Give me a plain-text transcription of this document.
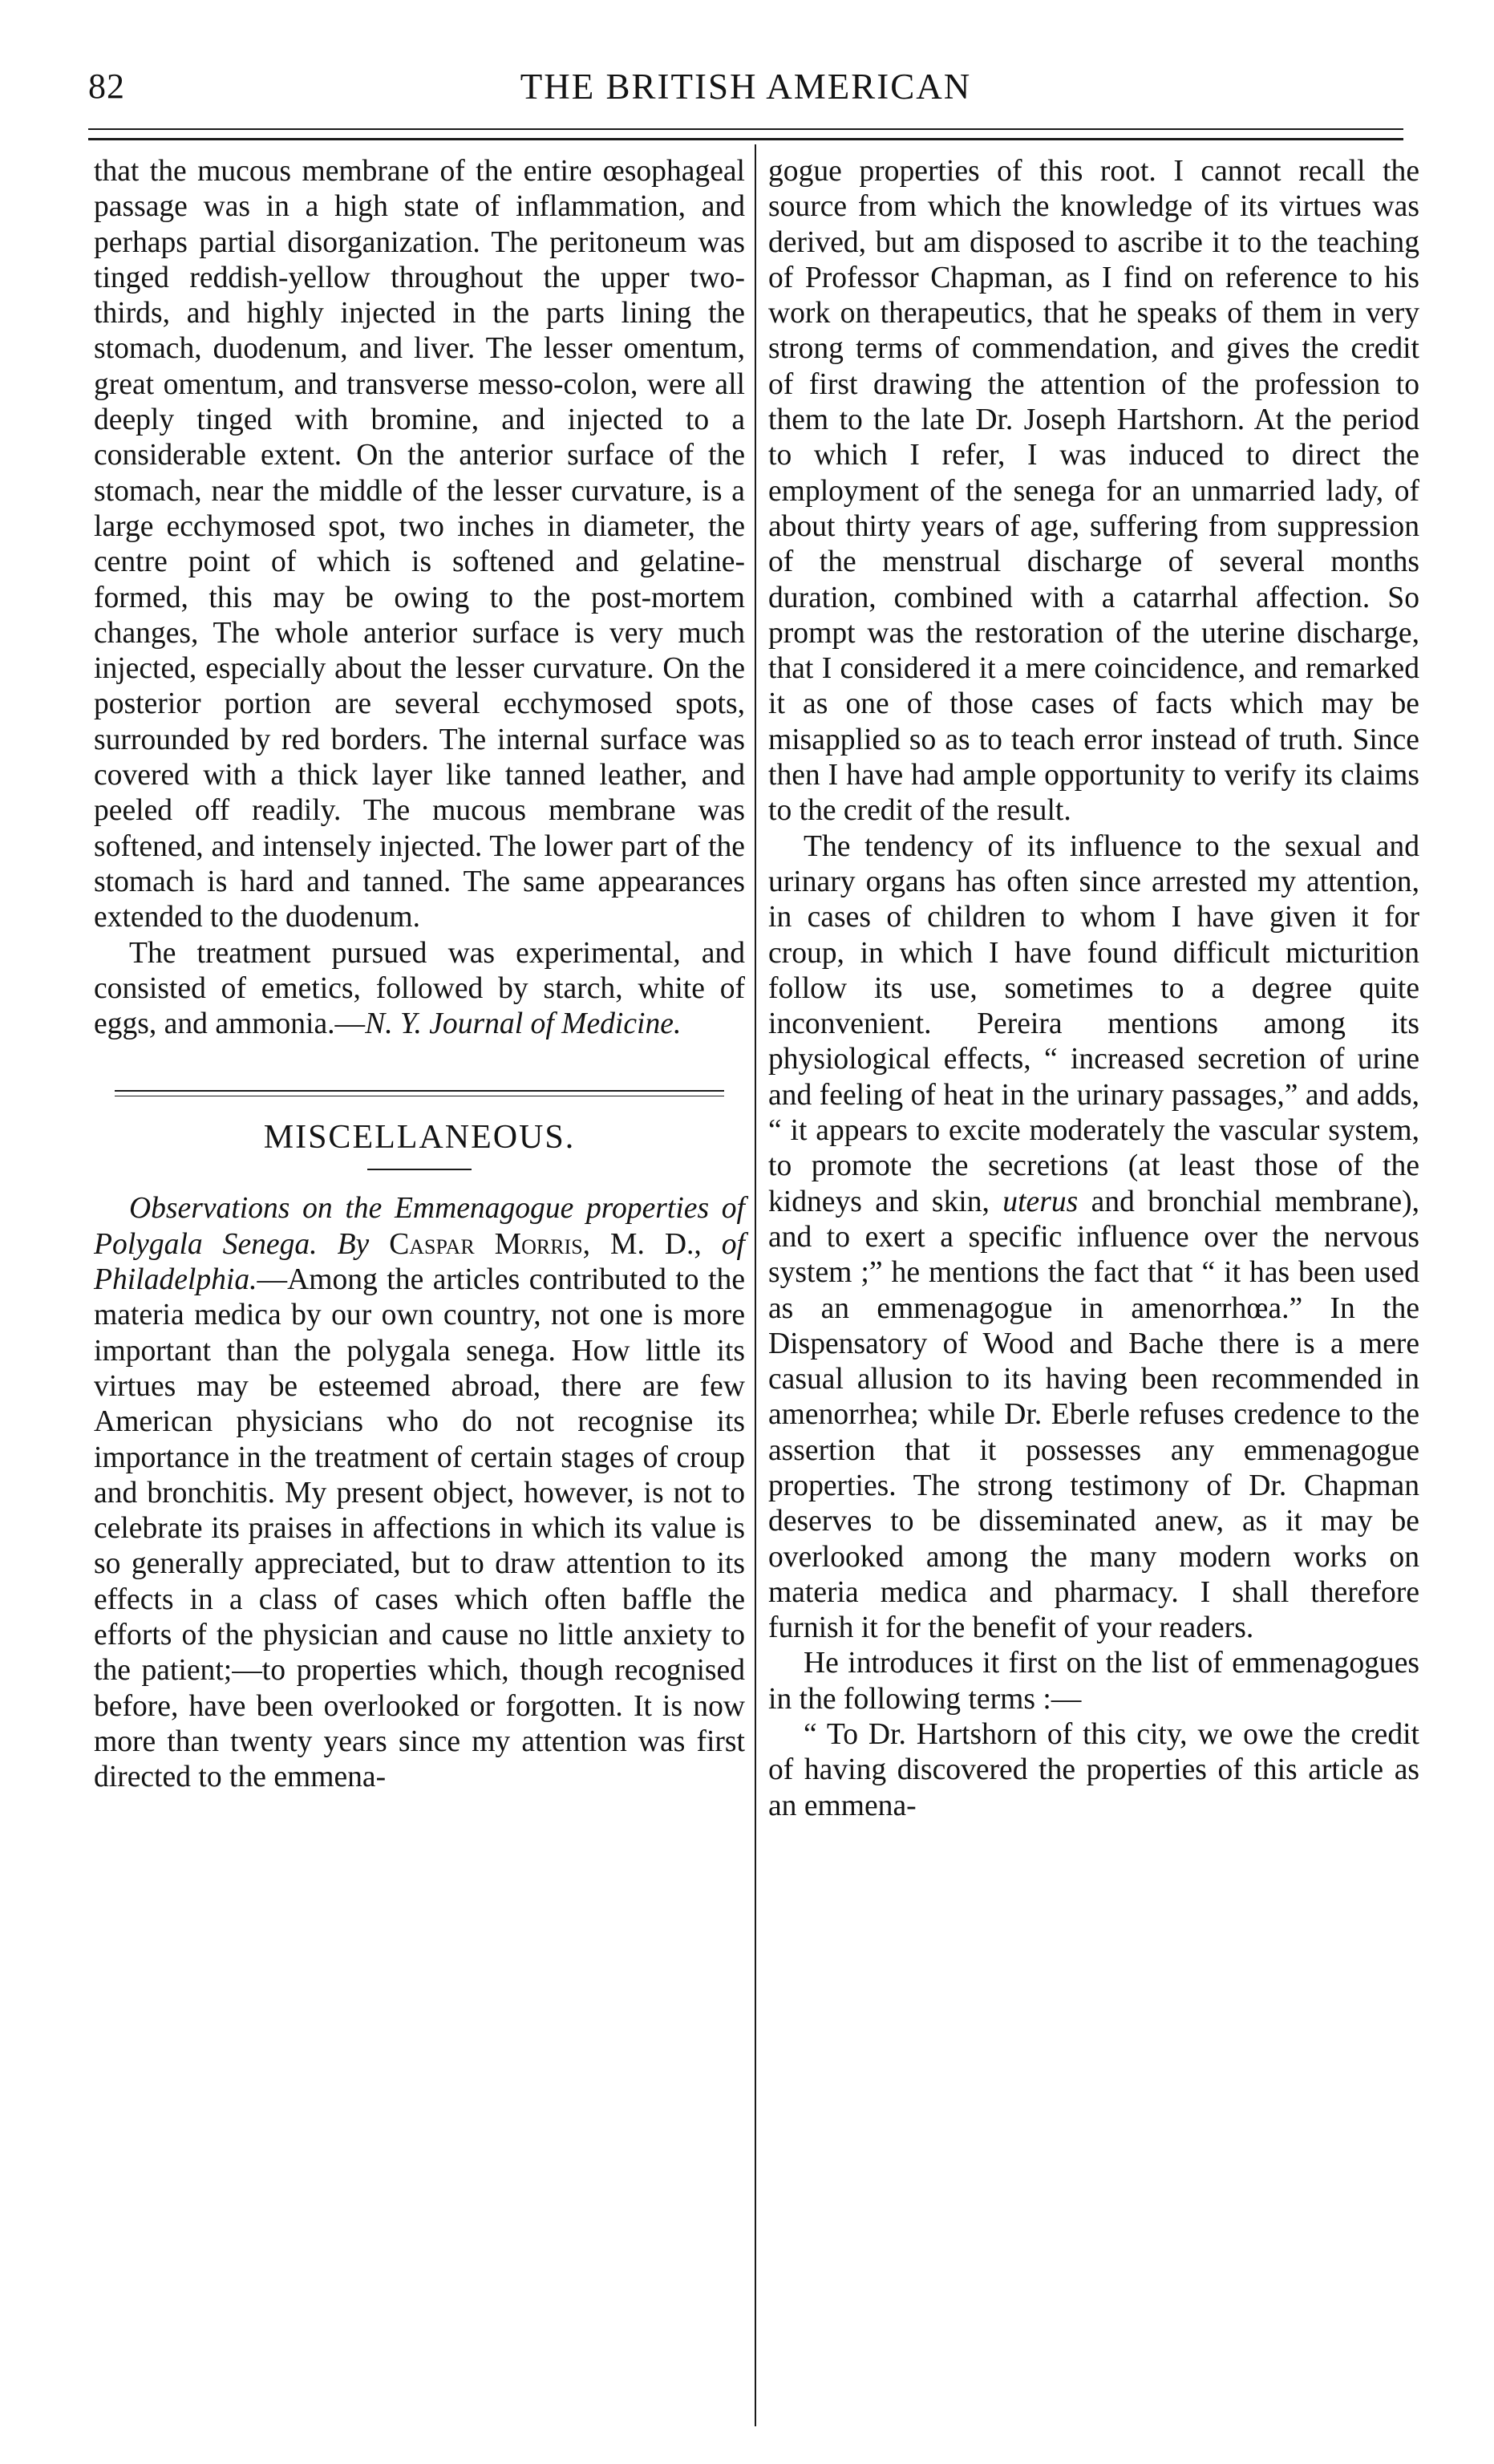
82	THE BRITISH AMERICAN

that the mucous membrane of the entire œsophageal passage was in a high state of inflammation, and perhaps partial disorganization. The peritoneum was tinged reddish-yellow throughout the upper two-thirds, and highly injected in the parts lining the stomach, duodenum, and liver. The lesser omentum, great omentum, and transverse messo-colon, were all deeply tinged with bromine, and injected to a considerable extent. On the anterior surface of the stomach, near the middle of the lesser curvature, is a large ecchymosed spot, two inches in diameter, the centre point of which is softened and gelatine-formed, this may be owing to the post-mortem changes, The whole anterior surface is very much injected, especially about the lesser curvature. On the posterior portion are several ecchymosed spots, surrounded by red borders. The internal surface was covered with a thick layer like tanned leather, and peeled off readily. The mucous membrane was softened, and intensely injected. The lower part of the stomach is hard and tanned. The same appearances extended to the duodenum.

The treatment pursued was experimental, and consisted of emetics, followed by starch, white of eggs, and ammonia.—N. Y. Journal of Medicine.

MISCELLANEOUS.

Observations on the Emmenagogue properties of Polygala Senega. By Caspar Morris, M. D., of Philadelphia.—Among the articles contributed to the materia medica by our own country, not one is more important than the polygala senega. How little its virtues may be esteemed abroad, there are few American physicians who do not recognise its importance in the treatment of certain stages of croup and bronchitis. My present object, however, is not to celebrate its praises in affections in which its value is so generally appreciated, but to draw attention to its effects in a class of cases which often baffle the efforts of the physician and cause no little anxiety to the patient;—to properties which, though recognised before, have been overlooked or forgotten. It is now more than twenty years since my attention was first directed to the emmena-

gogue properties of this root. I cannot recall the source from which the knowledge of its virtues was derived, but am disposed to ascribe it to the teaching of Professor Chapman, as I find on reference to his work on therapeutics, that he speaks of them in very strong terms of commendation, and gives the credit of first drawing the attention of the profession to them to the late Dr. Joseph Hartshorn. At the period to which I refer, I was induced to direct the employment of the senega for an unmarried lady, of about thirty years of age, suffering from suppression of the menstrual discharge of several months duration, combined with a catarrhal affection. So prompt was the restoration of the uterine discharge, that I considered it a mere coincidence, and remarked it as one of those cases of facts which may be misapplied so as to teach error instead of truth. Since then I have had ample opportunity to verify its claims to the credit of the result.

The tendency of its influence to the sexual and urinary organs has often since arrested my attention, in cases of children to whom I have given it for croup, in which I have found difficult micturition follow its use, sometimes to a degree quite inconvenient. Pereira mentions among its physiological effects, “ increased secretion of urine and feeling of heat in the urinary passages,” and adds, “ it appears to excite moderately the vascular system, to promote the secretions (at least those of the kidneys and skin, uterus and bronchial membrane), and to exert a specific influence over the nervous system ;” he mentions the fact that “ it has been used as an emmenagogue in amenorrhœa.” In the Dispensatory of Wood and Bache there is a mere casual allusion to its having been recommended in amenorrhea; while Dr. Eberle refuses credence to the assertion that it possesses any emmenagogue properties. The strong testimony of Dr. Chapman deserves to be disseminated anew, as it may be overlooked among the many modern works on materia medica and pharmacy. I shall therefore furnish it for the benefit of your readers.

He introduces it first on the list of emmenagogues in the following terms :—

“ To Dr. Hartshorn of this city, we owe the credit of having discovered the properties of this article as an emmena-
